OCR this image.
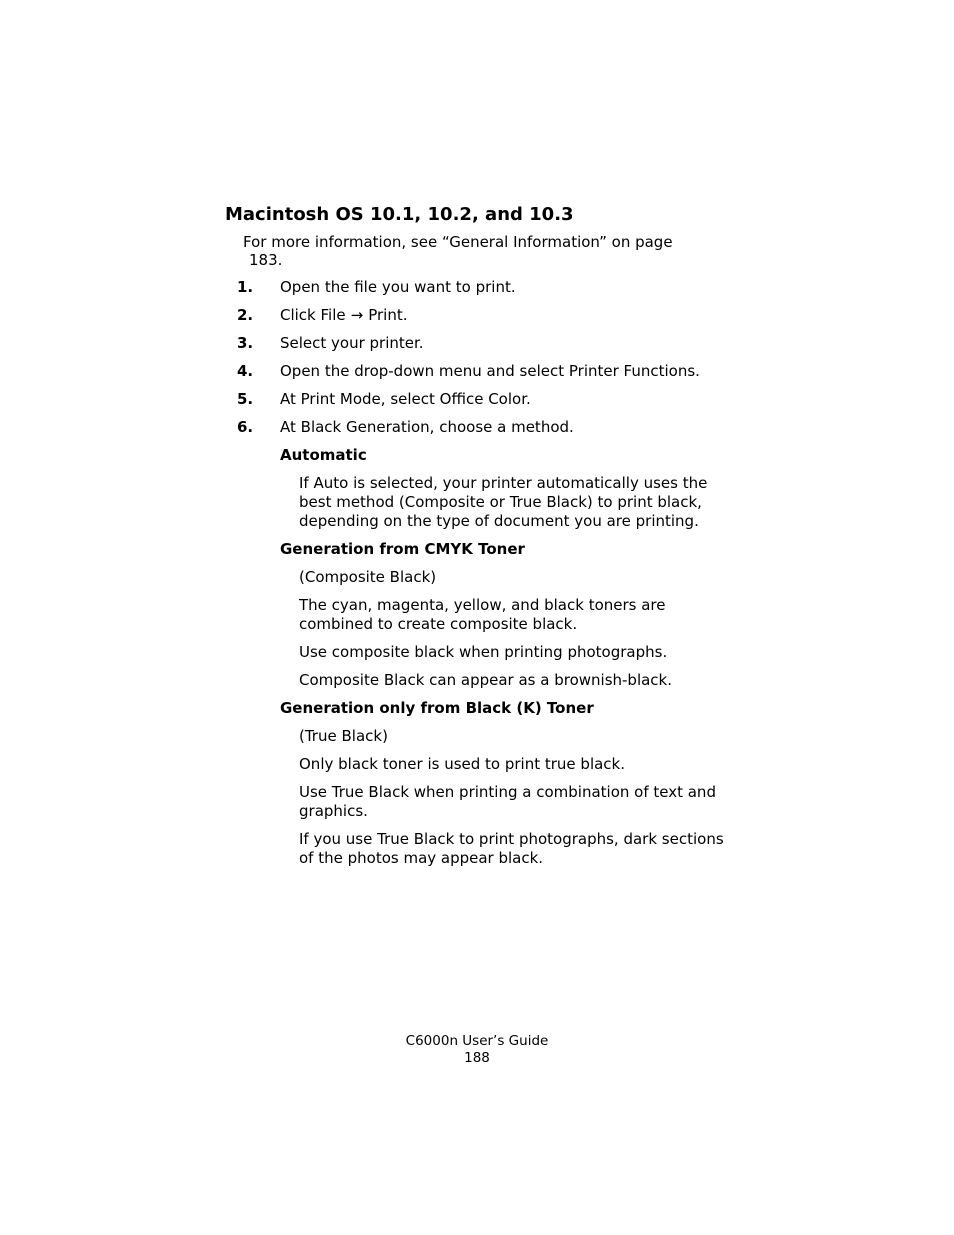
Macintosh OS 10.1, 10.2, and 10.3

For more information, see “General Information” on page
183.

1. Open the file you want to print.
2. Click File → Print.
3. Select your printer.
4. Open the drop-down menu and select Printer Functions.
5. At Print Mode, select Office Color.
6. At Black Generation, choose a method.
Automatic

If Auto is selected, your printer automatically uses the best method (Composite or True Black) to print black, depending on the type of document you are printing.

Generation from CMYK Toner

(Composite Black)

The cyan, magenta, yellow, and black toners are combined to create composite black.

Use composite black when printing photographs.

Composite Black can appear as a brownish-black.

Generation only from Black (K) Toner

(True Black)

Only black toner is used to print true black.

Use True Black when printing a combination of text and graphics.

If you use True Black to print photographs, dark sections of the photos may appear black.

C6000n User’s Guide
188
